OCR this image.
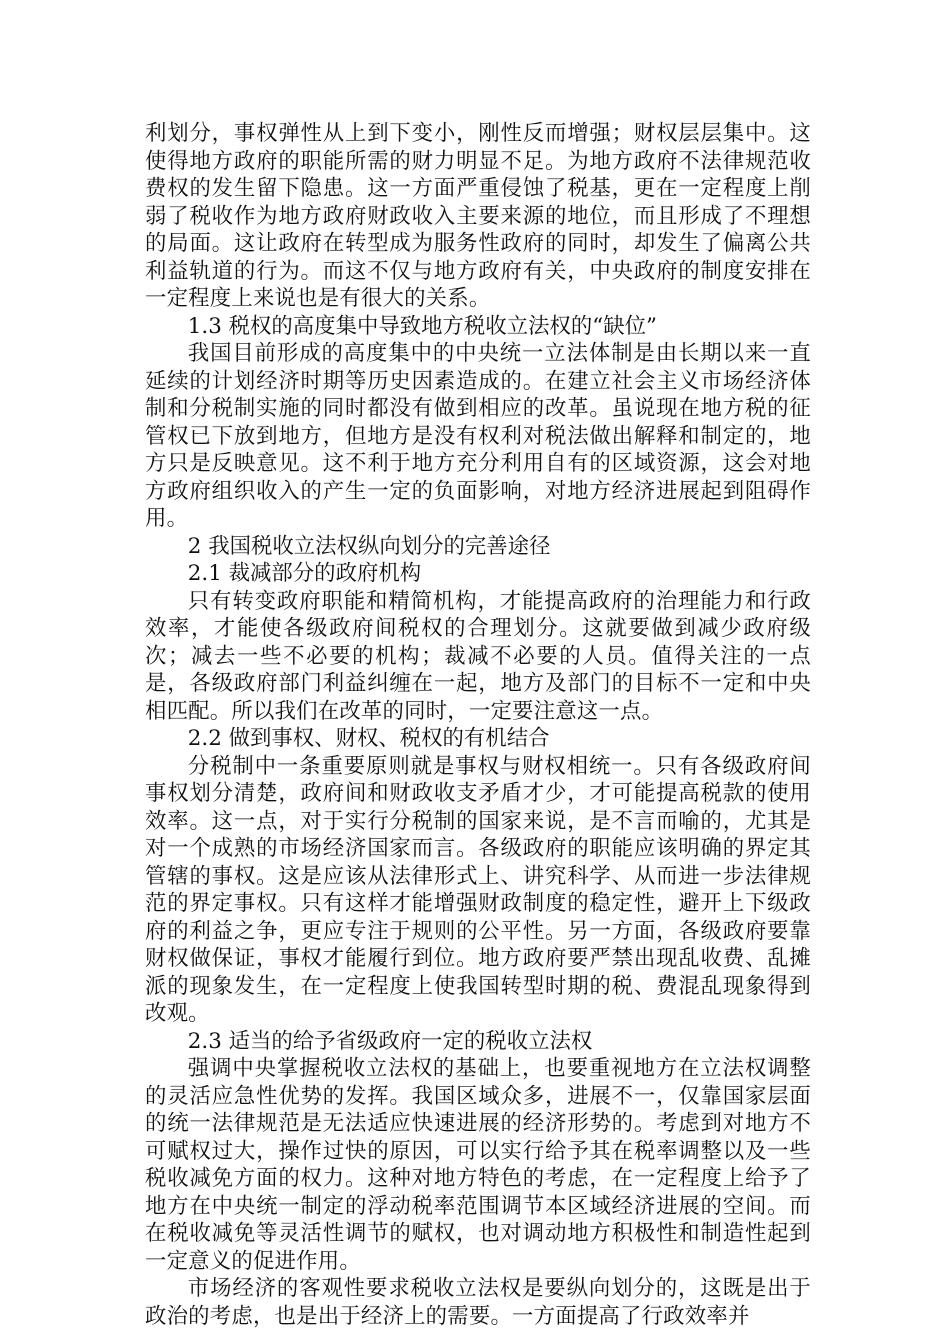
利划分，事权弹性从上到下变小，刚性反而增强；财权层层集中。这使得地方政府的职能所需的财力明显不足。为地方政府不法律规范收费权的发生留下隐患。这一方面严重侵蚀了税基，更在一定程度上削弱了税收作为地方政府财政收入主要来源的地位，而且形成了不理想的局面。这让政府在转型成为服务性政府的同时，却发生了偏离公共利益轨道的行为。而这不仅与地方政府有关，中央政府的制度安排在一定程度上来说也是有很大的关系。

1.3 税权的高度集中导致地方税收立法权的“缺位”

我国目前形成的高度集中的中央统一立法体制是由长期以来一直延续的计划经济时期等历史因素造成的。在建立社会主义市场经济体制和分税制实施的同时都没有做到相应的改革。虽说现在地方税的征管权已下放到地方，但地方是没有权利对税法做出解释和制定的，地方只是反映意见。这不利于地方充分利用自有的区域资源，这会对地方政府组织收入的产生一定的负面影响，对地方经济进展起到阻碍作用。

2 我国税收立法权纵向划分的完善途径

2.1 裁减部分的政府机构

只有转变政府职能和精简机构，才能提高政府的治理能力和行政效率，才能使各级政府间税权的合理划分。这就要做到减少政府级次；减去一些不必要的机构；裁减不必要的人员。值得关注的一点是，各级政府部门利益纠缠在一起，地方及部门的目标不一定和中央相匹配。所以我们在改革的同时，一定要注意这一点。

2.2 做到事权、财权、税权的有机结合

分税制中一条重要原则就是事权与财权相统一。只有各级政府间事权划分清楚，政府间和财政收支矛盾才少，才可能提高税款的使用效率。这一点，对于实行分税制的国家来说，是不言而喻的，尤其是对一个成熟的市场经济国家而言。各级政府的职能应该明确的界定其管辖的事权。这是应该从法律形式上、讲究科学、从而进一步法律规范的界定事权。只有这样才能增强财政制度的稳定性，避开上下级政府的利益之争，更应专注于规则的公平性。另一方面，各级政府要靠财权做保证，事权才能履行到位。地方政府要严禁出现乱收费、乱摊派的现象发生，在一定程度上使我国转型时期的税、费混乱现象得到改观。

2.3 适当的给予省级政府一定的税收立法权

强调中央掌握税收立法权的基础上，也要重视地方在立法权调整的灵活应急性优势的发挥。我国区域众多，进展不一，仅靠国家层面的统一法律规范是无法适应快速进展的经济形势的。考虑到对地方不可赋权过大，操作过快的原因，可以实行给予其在税率调整以及一些税收减免方面的权力。这种对地方特色的考虑，在一定程度上给予了地方在中央统一制定的浮动税率范围调节本区域经济进展的空间。而在税收减免等灵活性调节的赋权，也对调动地方积极性和制造性起到一定意义的促进作用。

市场经济的客观性要求税收立法权是要纵向划分的，这既是出于政治的考虑，也是出于经济上的需要。一方面提高了行政效率并
